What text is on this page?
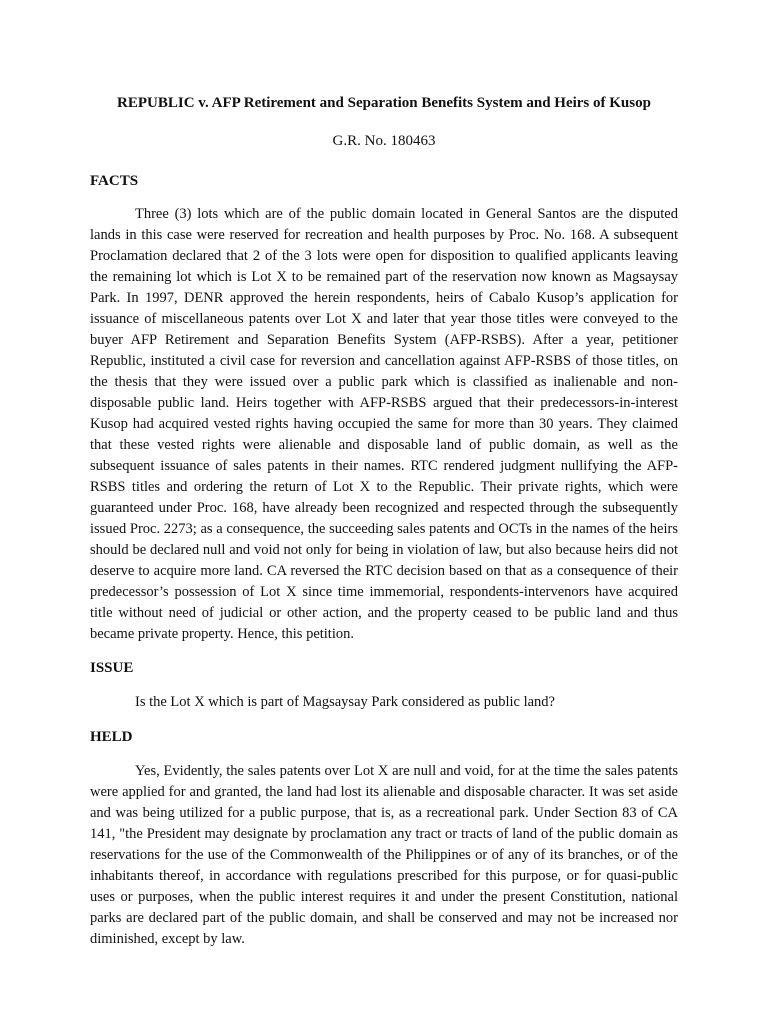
REPUBLIC v. AFP Retirement and Separation Benefits System and Heirs of Kusop

G.R. No. 180463

FACTS

Three (3) lots which are of the public domain located in General Santos are the disputed lands in this case were reserved for recreation and health purposes by Proc. No. 168. A subsequent Proclamation declared that 2 of the 3 lots were open for disposition to qualified applicants leaving the remaining lot which is Lot X to be remained part of the reservation now known as Magsaysay Park. In 1997, DENR approved the herein respondents, heirs of Cabalo Kusop’s application for issuance of miscellaneous patents over Lot X and later that year those titles were conveyed to the buyer AFP Retirement and Separation Benefits System (AFP-RSBS). After a year, petitioner Republic, instituted a civil case for reversion and cancellation against AFP-RSBS of those titles, on the thesis that they were issued over a public park which is classified as inalienable and non-disposable public land. Heirs together with AFP-RSBS argued that their predecessors-in-interest Kusop had acquired vested rights having occupied the same for more than 30 years. They claimed that these vested rights were alienable and disposable land of public domain, as well as the subsequent issuance of sales patents in their names. RTC rendered judgment nullifying the AFP-RSBS titles and ordering the return of Lot X to the Republic. Their private rights, which were guaranteed under Proc. 168, have already been recognized and respected through the subsequently issued Proc. 2273; as a consequence, the succeeding sales patents and OCTs in the names of the heirs should be declared null and void not only for being in violation of law, but also because heirs did not deserve to acquire more land. CA reversed the RTC decision based on that as a consequence of their predecessor’s possession of Lot X since time immemorial, respondents-intervenors have acquired title without need of judicial or other action, and the property ceased to be public land and thus became private property. Hence, this petition.

ISSUE

Is the Lot X which is part of Magsaysay Park considered as public land?

HELD

Yes, Evidently, the sales patents over Lot X are null and void, for at the time the sales patents were applied for and granted, the land had lost its alienable and disposable character. It was set aside and was being utilized for a public purpose, that is, as a recreational park. Under Section 83 of CA 141, "the President may designate by proclamation any tract or tracts of land of the public domain as reservations for the use of the Commonwealth of the Philippines or of any of its branches, or of the inhabitants thereof, in accordance with regulations prescribed for this purpose, or for quasi-public uses or purposes, when the public interest requires it and under the present Constitution, national parks are declared part of the public domain, and shall be conserved and may not be increased nor diminished, except by law.
